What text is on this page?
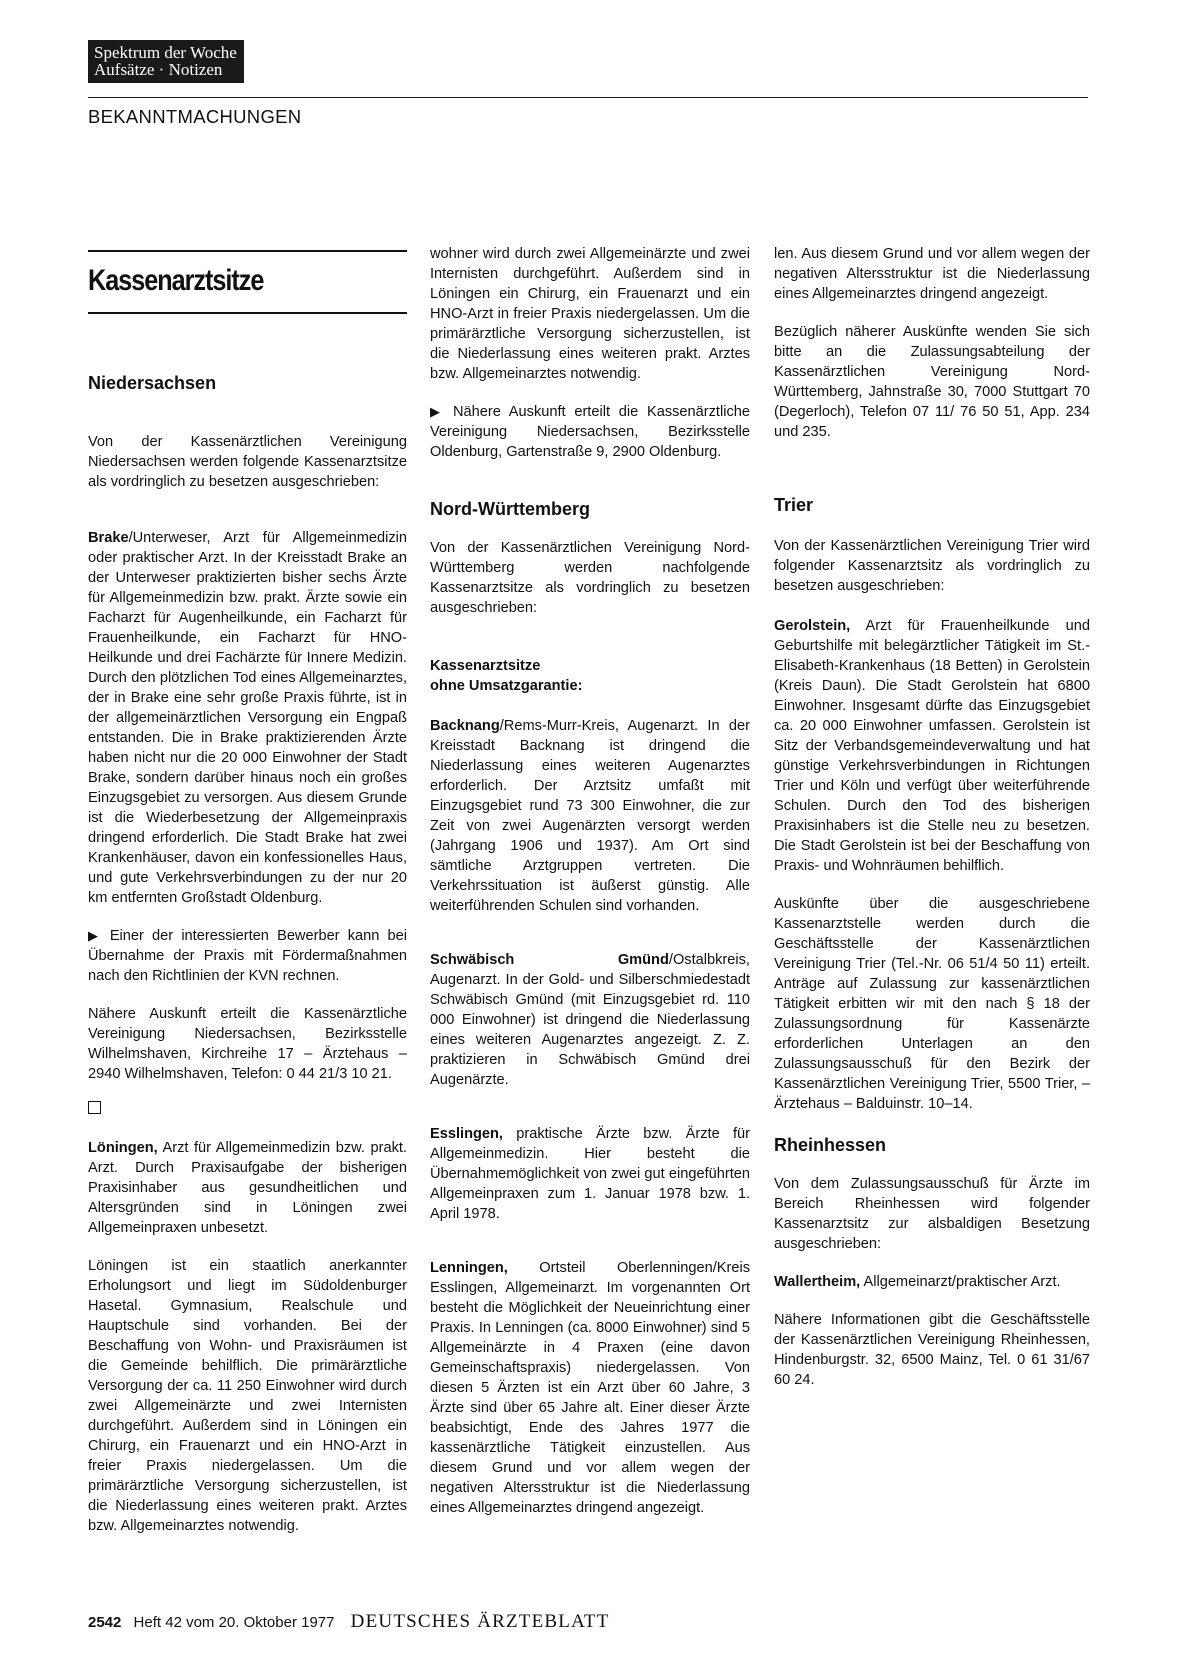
Spektrum der Woche
Aufsätze · Notizen
BEKANNTMACHUNGEN
Kassenarztsitze
Niedersachsen

Von der Kassenärztlichen Vereinigung Niedersachsen werden folgende Kassenarztsitze als vordringlich zu besetzen ausgeschrieben:

Brake/Unterweser, Arzt für Allgemeinmedizin oder praktischer Arzt. In der Kreisstadt Brake an der Unterweser praktizierten bisher sechs Ärzte für Allgemeinmedizin bzw. prakt. Ärzte sowie ein Facharzt für Augenheilkunde, ein Facharzt für Frauenheilkunde, ein Facharzt für HNO-Heilkunde und drei Fachärzte für Innere Medizin. Durch den plötzlichen Tod eines Allgemeinarztes, der in Brake eine sehr große Praxis führte, ist in der allgemeinärztlichen Versorgung ein Engpaß entstanden. Die in Brake praktizierenden Ärzte haben nicht nur die 20 000 Einwohner der Stadt Brake, sondern darüber hinaus noch ein großes Einzugsgebiet zu versorgen. Aus diesem Grunde ist die Wiederbesetzung der Allgemeinpraxis dringend erforderlich. Die Stadt Brake hat zwei Krankenhäuser, davon ein konfessionelles Haus, und gute Verkehrsverbindungen zu der nur 20 km entfernten Großstadt Oldenburg.

▶ Einer der interessierten Bewerber kann bei Übernahme der Praxis mit Fördermaßnahmen nach den Richtlinien der KVN rechnen.

Nähere Auskunft erteilt die Kassenärztliche Vereinigung Niedersachsen, Bezirksstelle Wilhelmshaven, Kirchreihe 17 – Ärztehaus – 2940 Wilhelmshaven, Telefon: 0 44 21/3 10 21.

Löningen, Arzt für Allgemeinmedizin bzw. prakt. Arzt. Durch Praxisaufgabe der bisherigen Praxisinhaber aus gesundheitlichen und Altersgründen sind in Löningen zwei Allgemeinpraxen unbesetzt.

Löningen ist ein staatlich anerkannter Erholungsort und liegt im Südoldenburger Hasetal. Gymnasium, Realschule und Hauptschule sind vorhanden. Bei der Beschaffung von Wohn- und Praxisräumen ist die Gemeinde behilflich. Die primärärztliche Versorgung der ca. 11 250 Einwohner wird durch zwei Allgemeinärzte und zwei Internisten durchgeführt. Außerdem sind in Löningen ein Chirurg, ein Frauenarzt und ein HNO-Arzt in freier Praxis niedergelassen. Um die primärärztliche Versorgung sicherzustellen, ist die Niederlassung eines weiteren prakt. Arztes bzw. Allgemeinarztes notwendig.

wohner wird durch zwei Allgemeinärzte und zwei Internisten durchgeführt. Außerdem sind in Löningen ein Chirurg, ein Frauenarzt und ein HNO-Arzt in freier Praxis niedergelassen. Um die primärärztliche Versorgung sicherzustellen, ist die Niederlassung eines weiteren prakt. Arztes bzw. Allgemeinarztes notwendig.

▶ Nähere Auskunft erteilt die Kassenärztliche Vereinigung Niedersachsen, Bezirksstelle Oldenburg, Gartenstraße 9, 2900 Oldenburg.

Nord-Württemberg

Von der Kassenärztlichen Vereinigung Nord-Württemberg werden nachfolgende Kassenarztsitze als vordringlich zu besetzen ausgeschrieben:

Kassenarztsitze
ohne Umsatzgarantie:

Backnang/Rems-Murr-Kreis, Augenarzt. In der Kreisstadt Backnang ist dringend die Niederlassung eines weiteren Augenarztes erforderlich. Der Arztsitz umfaßt mit Einzugsgebiet rund 73 300 Einwohner, die zur Zeit von zwei Augenärzten versorgt werden (Jahrgang 1906 und 1937). Am Ort sind sämtliche Arztgruppen vertreten. Die Verkehrssituation ist äußerst günstig. Alle weiterführenden Schulen sind vorhanden.

Schwäbisch	Gmünd/Ostalbkreis, Augenarzt. In der Gold- und Silberschmiedestadt Schwäbisch Gmünd (mit Einzugsgebiet rd. 110 000 Einwohner) ist dringend die Niederlassung eines weiteren Augenarztes angezeigt. Z. Z. praktizieren in Schwäbisch Gmünd drei Augenärzte.

Esslingen, praktische Ärzte bzw. Ärzte für Allgemeinmedizin. Hier besteht die Übernahmemöglichkeit von zwei gut eingeführten Allgemeinpraxen zum 1. Januar 1978 bzw. 1. April 1978.

Lenningen, Ortsteil Oberlenningen/Kreis Esslingen, Allgemeinarzt. Im vorgenannten Ort besteht die Möglichkeit der Neueinrichtung einer Praxis. In Lenningen (ca. 8000 Einwohner) sind 5 Allgemeinärzte in 4 Praxen (eine davon Gemeinschaftspraxis) niedergelassen. Von diesen 5 Ärzten ist ein Arzt über 60 Jahre, 3 Ärzte sind über 65 Jahre alt. Einer dieser Ärzte beabsichtigt, Ende des Jahres 1977 die kassenärztliche Tätigkeit einzustellen. Aus diesem Grund und vor allem wegen der negativen Altersstruktur ist die Niederlassung eines Allgemeinarztes dringend angezeigt.

len. Aus diesem Grund und vor allem wegen der negativen Altersstruktur ist die Niederlassung eines Allgemeinarztes dringend angezeigt.

Bezüglich näherer Auskünfte wenden Sie sich bitte an die Zulassungsabteilung der Kassenärztlichen Vereinigung Nord-Württemberg, Jahnstraße 30, 7000 Stuttgart 70 (Degerloch), Telefon 07 11/ 76 50 51, App. 234 und 235.

Trier

Von der Kassenärztlichen Vereinigung Trier wird folgender Kassenarztsitz als vordringlich zu besetzen ausgeschrieben:

Gerolstein, Arzt für Frauenheilkunde und Geburtshilfe mit belegärztlicher Tätigkeit im St.-Elisabeth-Krankenhaus (18 Betten) in Gerolstein (Kreis Daun). Die Stadt Gerolstein hat 6800 Einwohner. Insgesamt dürfte das Einzugsgebiet ca. 20 000 Einwohner umfassen. Gerolstein ist Sitz der Verbandsgemeindeverwaltung und hat günstige Verkehrsverbindungen in Richtungen Trier und Köln und verfügt über weiterführende Schulen. Durch den Tod des bisherigen Praxisinhabers ist die Stelle neu zu besetzen. Die Stadt Gerolstein ist bei der Beschaffung von Praxis- und Wohnräumen behilflich.

Auskünfte über die ausgeschriebene Kassenarztstelle werden durch die Geschäftsstelle der Kassenärztlichen Vereinigung Trier (Tel.-Nr. 06 51/4 50 11) erteilt. Anträge auf Zulassung zur kassenärztlichen Tätigkeit erbitten wir mit den nach § 18 der Zulassungsordnung für Kassenärzte erforderlichen Unterlagen an den Zulassungsausschuß für den Bezirk der Kassenärztlichen Vereinigung Trier, 5500 Trier, – Ärztehaus – Balduinstr. 10–14.

Rheinhessen

Von dem Zulassungsausschuß für Ärzte im Bereich Rheinhessen wird folgender Kassenarztsitz zur alsbaldigen Besetzung ausgeschrieben:

Wallertheim, Allgemeinarzt/praktischer Arzt.

Nähere Informationen gibt die Geschäftsstelle der Kassenärztlichen Vereinigung Rheinhessen, Hindenburgstr. 32, 6500 Mainz, Tel. 0 61 31/67 60 24.

2542 Heft 42 vom 20. Oktober 1977 DEUTSCHES ÄRZTEBLATT
